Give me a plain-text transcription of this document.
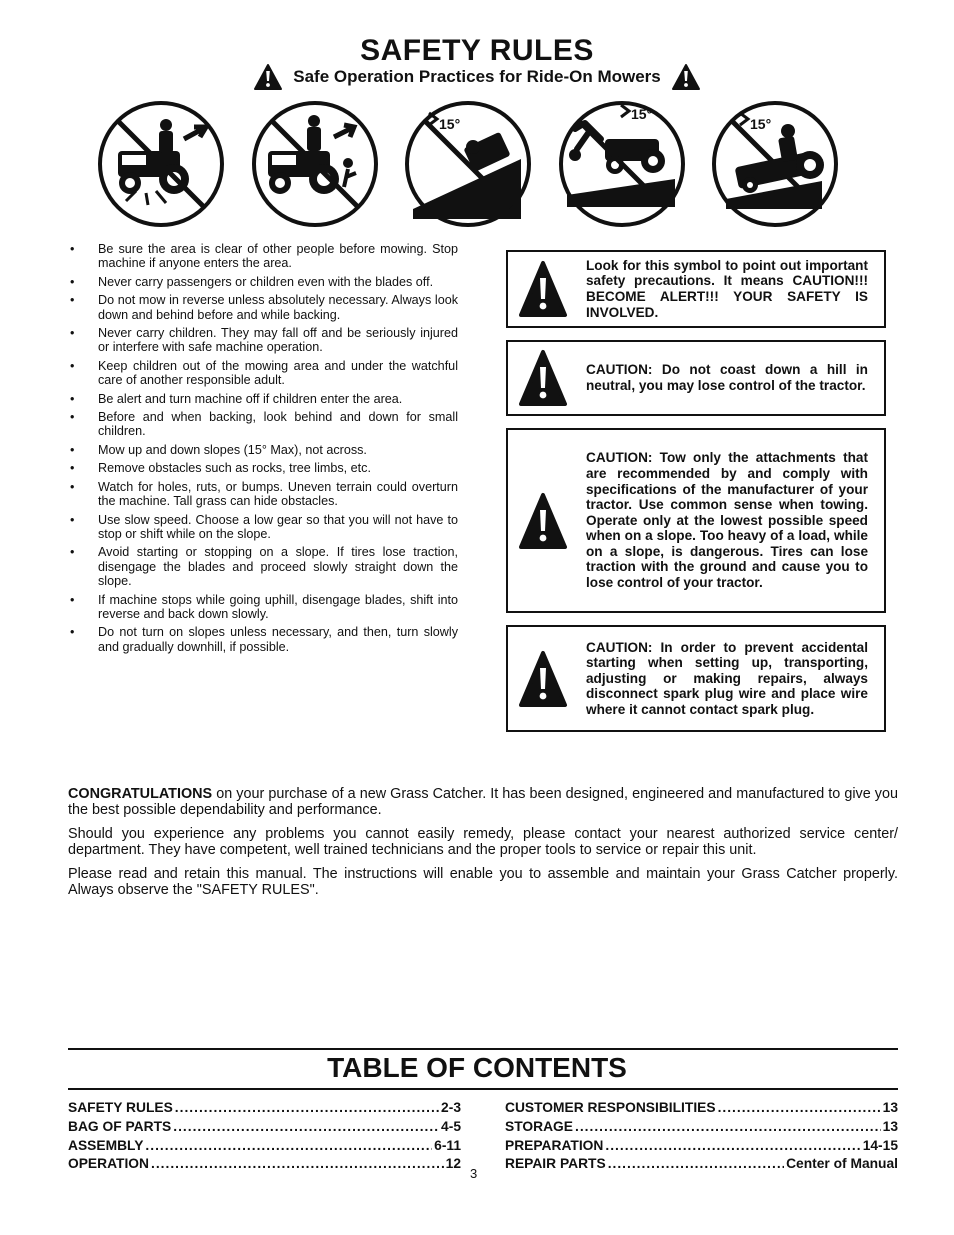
SAFETY RULES
Safe Operation Practices for Ride-On Mowers
15°
15°
15°
• Be sure the area is clear of other people before mowing. Stop machine if anyone enters the area.
• Never carry passengers or children even with the blades off.
• Do not mow in reverse unless absolutely necessary. Always look down and behind before and while backing.
• Never carry children. They may fall off and be seriously injured or interfere with safe machine operation.
• Keep children out of the mowing area and under the watchful care of another responsible adult.
• Be alert and turn machine off if children enter the area.
• Before and when backing, look behind and down for small children.
• Mow up and down slopes (15° Max), not across.
• Remove obstacles such as rocks, tree limbs, etc.
• Watch for holes, ruts, or bumps. Uneven terrain could overturn the machine. Tall grass can hide obstacles.
• Use slow speed. Choose a low gear so that you will not have to stop or shift while on the slope.
• Avoid starting or stopping on a slope. If tires lose traction, disengage the blades and proceed slowly straight down the slope.
• If machine stops while going uphill, disengage blades, shift into reverse and back down slowly.
• Do not turn on slopes unless necessary, and then, turn slowly and gradually downhill, if possible.
Look for this symbol to point out important safety precautions. It means CAUTION!!! BECOME ALERT!!! YOUR SAFETY IS INVOLVED.
CAUTION: Do not coast down a hill in neutral, you may lose control of the tractor.
CAUTION: Tow only the attachments that are recommended by and comply with specifications of the manufacturer of your tractor. Use common sense when towing. Operate only at the lowest possible speed when on a slope. Too heavy of a load, while on a slope, is dangerous. Tires can lose traction with the ground and cause you to lose control of your tractor.
CAUTION: In order to prevent accidental starting when setting up, transporting, adjusting or making repairs, always disconnect spark plug wire and place wire where it cannot contact spark plug.

CONGRATULATIONS on your purchase of a new Grass Catcher. It has been designed, engineered and manufactured to give you the best possible dependability and performance.

Should you experience any problems you cannot easily remedy, please contact your nearest authorized service center/ department. They have competent, well trained technicians and the proper tools to service or repair this unit.

Please read and retain this manual. The instructions will enable you to assemble and maintain your Grass Catcher properly. Always observe the "SAFETY RULES".

TABLE OF CONTENTS
SAFETY RULES .....	2-3
BAG OF PARTS .....	4-5
ASSEMBLY .....	6-11
OPERATION .....	12
CUSTOMER RESPONSIBILITIES .....	13
STORAGE .....	13
PREPARATION .....	14-15
REPAIR PARTS .....	Center of Manual
3
